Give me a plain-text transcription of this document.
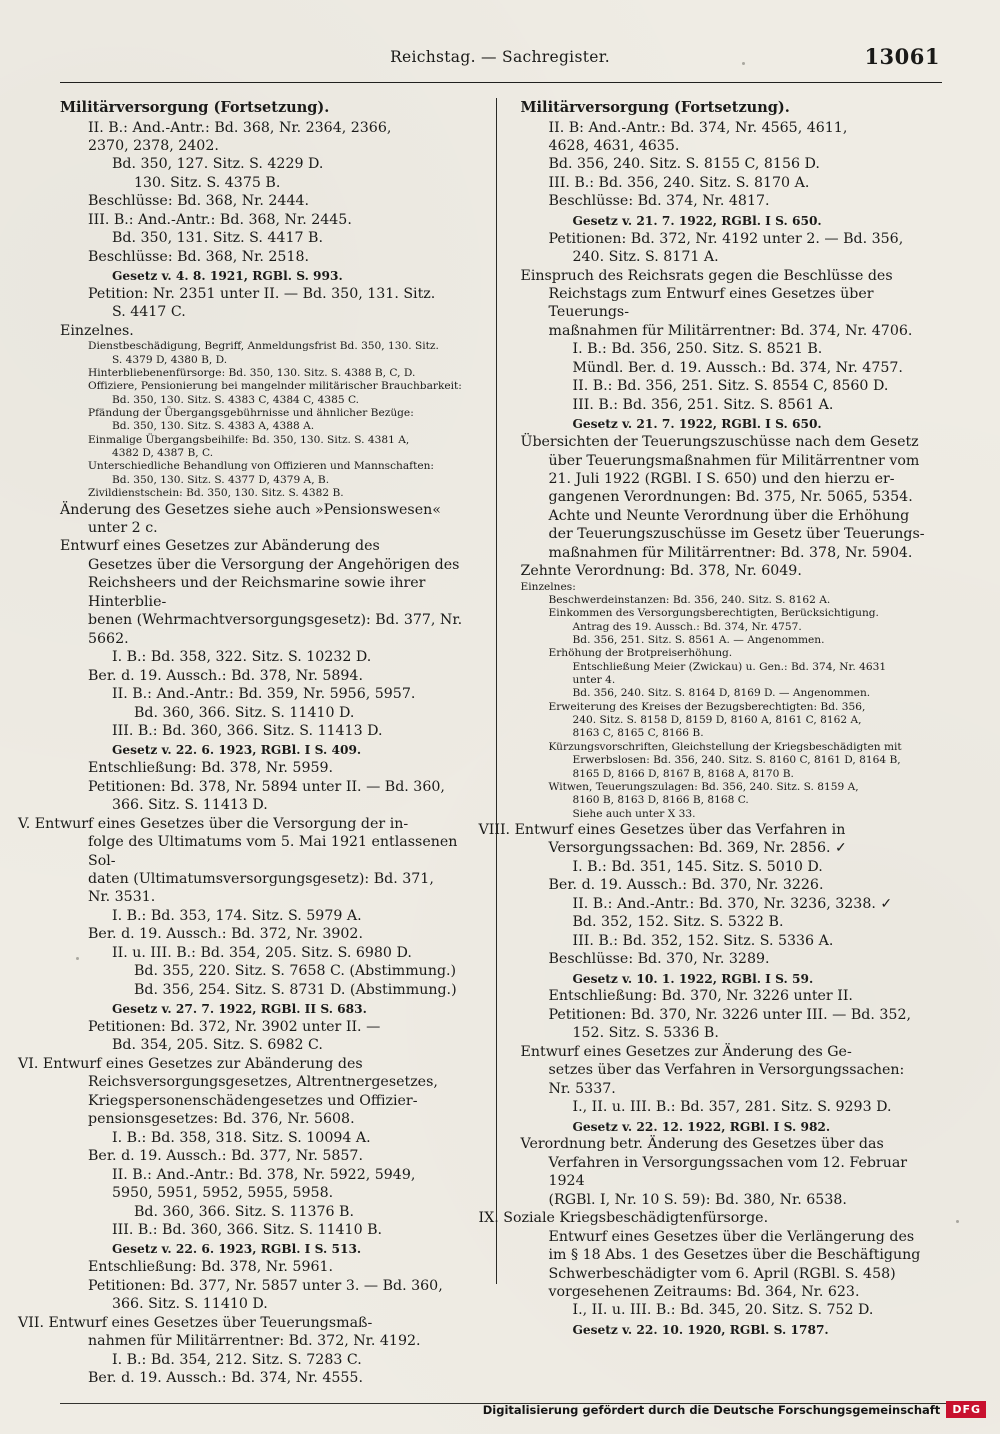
Reichstag. — Sachregister.	13061
Militärversorgung (Fortsetzung).
II. B.: And.-Antr.: Bd. 368, Nr. 2364, 2366,
2370, 2378, 2402.
Bd. 350, 127. Sitz. S. 4229 D.
130. Sitz. S. 4375 B.
Beschlüsse: Bd. 368, Nr. 2444.
III. B.: And.-Antr.: Bd. 368, Nr. 2445.
Bd. 350, 131. Sitz. S. 4417 B.
Beschlüsse: Bd. 368, Nr. 2518.
Gesetz v. 4. 8. 1921, RGBl. S. 993.
Petition: Nr. 2351 unter II. — Bd. 350, 131. Sitz.
S. 4417 C.
Einzelnes.
Dienstbeschädigung, Begriff, Anmeldungsfrist Bd. 350, 130. Sitz.
S. 4379 D, 4380 B, D.
Hinterbliebenenfürsorge: Bd. 350, 130. Sitz. S. 4388 B, C, D.
Offiziere, Pensionierung bei mangelnder militärischer Brauchbarkeit:
Bd. 350, 130. Sitz. S. 4383 C, 4384 C, 4385 C.
Pfändung der Übergangsgebührnisse und ähnlicher Bezüge:
Bd. 350, 130. Sitz. S. 4383 A, 4388 A.
Einmalige Übergangsbeihilfe: Bd. 350, 130. Sitz. S. 4381 A,
4382 D, 4387 B, C.
Unterschiedliche Behandlung von Offizieren und Mannschaften:
Bd. 350, 130. Sitz. S. 4377 D, 4379 A, B.
Zivildienstschein: Bd. 350, 130. Sitz. S. 4382 B.
Änderung des Gesetzes siehe auch »Pensionswesen«
unter 2 c.
Entwurf eines Gesetzes zur Abänderung des
Gesetzes über die Versorgung der Angehörigen des
Reichsheers und der Reichsmarine sowie ihrer Hinterblie-
benen (Wehrmachtversorgungsgesetz): Bd. 377, Nr. 5662.
I. B.: Bd. 358, 322. Sitz. S. 10232 D.
Ber. d. 19. Aussch.: Bd. 378, Nr. 5894.
II. B.: And.-Antr.: Bd. 359, Nr. 5956, 5957.
Bd. 360, 366. Sitz. S. 11410 D.
III. B.: Bd. 360, 366. Sitz. S. 11413 D.
Gesetz v. 22. 6. 1923, RGBl. I S. 409.
Entschließung: Bd. 378, Nr. 5959.
Petitionen: Bd. 378, Nr. 5894 unter II. — Bd. 360,
366. Sitz. S. 11413 D.
V. Entwurf eines Gesetzes über die Versorgung der in-
folge des Ultimatums vom 5. Mai 1921 entlassenen Sol-
daten (Ultimatumsversorgungsgesetz): Bd. 371,
Nr. 3531.
I. B.: Bd. 353, 174. Sitz. S. 5979 A.
Ber. d. 19. Aussch.: Bd. 372, Nr. 3902.
II. u. III. B.: Bd. 354, 205. Sitz. S. 6980 D.
Bd. 355, 220. Sitz. S. 7658 C. (Abstimmung.)
Bd. 356, 254. Sitz. S. 8731 D. (Abstimmung.)
Gesetz v. 27. 7. 1922, RGBl. II S. 683.
Petitionen: Bd. 372, Nr. 3902 unter II. —
Bd. 354, 205. Sitz. S. 6982 C.
VI. Entwurf eines Gesetzes zur Abänderung des
Reichsversorgungsgesetzes, Altrentnergesetzes,
Kriegspersonenschädengesetzes und Offizier-
pensionsgesetzes: Bd. 376, Nr. 5608.
I. B.: Bd. 358, 318. Sitz. S. 10094 A.
Ber. d. 19. Aussch.: Bd. 377, Nr. 5857.
II. B.: And.-Antr.: Bd. 378, Nr. 5922, 5949,
5950, 5951, 5952, 5955, 5958.
Bd. 360, 366. Sitz. S. 11376 B.
III. B.: Bd. 360, 366. Sitz. S. 11410 B.
Gesetz v. 22. 6. 1923, RGBl. I S. 513.
Entschließung: Bd. 378, Nr. 5961.
Petitionen: Bd. 377, Nr. 5857 unter 3. — Bd. 360,
366. Sitz. S. 11410 D.
VII. Entwurf eines Gesetzes über Teuerungsmaß-
nahmen für Militärrentner: Bd. 372, Nr. 4192.
I. B.: Bd. 354, 212. Sitz. S. 7283 C.
Ber. d. 19. Aussch.: Bd. 374, Nr. 4555.
Militärversorgung (Fortsetzung).
II. B: And.-Antr.: Bd. 374, Nr. 4565, 4611,
4628, 4631, 4635.
Bd. 356, 240. Sitz. S. 8155 C, 8156 D.
III. B.: Bd. 356, 240. Sitz. S. 8170 A.
Beschlüsse: Bd. 374, Nr. 4817.
Gesetz v. 21. 7. 1922, RGBl. I S. 650.
Petitionen: Bd. 372, Nr. 4192 unter 2. — Bd. 356,
240. Sitz. S. 8171 A.
Einspruch des Reichsrats gegen die Beschlüsse des
Reichstags zum Entwurf eines Gesetzes über Teuerungs-
maßnahmen für Militärrentner: Bd. 374, Nr. 4706.
I. B.: Bd. 356, 250. Sitz. S. 8521 B.
Mündl. Ber. d. 19. Aussch.: Bd. 374, Nr. 4757.
II. B.: Bd. 356, 251. Sitz. S. 8554 C, 8560 D.
III. B.: Bd. 356, 251. Sitz. S. 8561 A.
Gesetz v. 21. 7. 1922, RGBl. I S. 650.
Übersichten der Teuerungszuschüsse nach dem Gesetz
über Teuerungsmaßnahmen für Militärrentner vom
21. Juli 1922 (RGBl. I S. 650) und den hierzu er-
gangenen Verordnungen: Bd. 375, Nr. 5065, 5354.
Achte und Neunte Verordnung über die Erhöhung
der Teuerungszuschüsse im Gesetz über Teuerungs-
maßnahmen für Militärrentner: Bd. 378, Nr. 5904.
Zehnte Verordnung: Bd. 378, Nr. 6049.
Einzelnes:
Beschwerdeinstanzen: Bd. 356, 240. Sitz. S. 8162 A.
Einkommen des Versorgungsberechtigten, Berücksichtigung.
Antrag des 19. Aussch.: Bd. 374, Nr. 4757.
Bd. 356, 251. Sitz. S. 8561 A. — Angenommen.
Erhöhung der Brotpreiserhöhung.
Entschließung Meier (Zwickau) u. Gen.: Bd. 374, Nr. 4631
unter 4.
Bd. 356, 240. Sitz. S. 8164 D, 8169 D. — Angenommen.
Erweiterung des Kreises der Bezugsberechtigten: Bd. 356,
240. Sitz. S. 8158 D, 8159 D, 8160 A, 8161 C, 8162 A,
8163 C, 8165 C, 8166 B.
Kürzungsvorschriften, Gleichstellung der Kriegsbeschädigten mit
Erwerbslosen: Bd. 356, 240. Sitz. S. 8160 C, 8161 D, 8164 B,
8165 D, 8166 D, 8167 B, 8168 A, 8170 B.
Witwen, Teuerungszulagen: Bd. 356, 240. Sitz. S. 8159 A,
8160 B, 8163 D, 8166 B, 8168 C.
Siehe auch unter X 33.
VIII. Entwurf eines Gesetzes über das Verfahren in
Versorgungssachen: Bd. 369, Nr. 2856. ✓
I. B.: Bd. 351, 145. Sitz. S. 5010 D.
Ber. d. 19. Aussch.: Bd. 370, Nr. 3226.
II. B.: And.-Antr.: Bd. 370, Nr. 3236, 3238. ✓
Bd. 352, 152. Sitz. S. 5322 B.
III. B.: Bd. 352, 152. Sitz. S. 5336 A.
Beschlüsse: Bd. 370, Nr. 3289.
Gesetz v. 10. 1. 1922, RGBl. I S. 59.
Entschließung: Bd. 370, Nr. 3226 unter II.
Petitionen: Bd. 370, Nr. 3226 unter III. — Bd. 352,
152. Sitz. S. 5336 B.
Entwurf eines Gesetzes zur Änderung des Ge-
setzes über das Verfahren in Versorgungssachen:
Nr. 5337.
I., II. u. III. B.: Bd. 357, 281. Sitz. S. 9293 D.
Gesetz v. 22. 12. 1922, RGBl. I S. 982.
Verordnung betr. Änderung des Gesetzes über das
Verfahren in Versorgungssachen vom 12. Februar 1924
(RGBl. I, Nr. 10 S. 59): Bd. 380, Nr. 6538.
IX. Soziale Kriegsbeschädigtenfürsorge.
Entwurf eines Gesetzes über die Verlängerung des
im § 18 Abs. 1 des Gesetzes über die Beschäftigung
Schwerbeschädigter vom 6. April (RGBl. S. 458)
vorgesehenen Zeitraums: Bd. 364, Nr. 623.
I., II. u. III. B.: Bd. 345, 20. Sitz. S. 752 D.
Gesetz v. 22. 10. 1920, RGBl. S. 1787.
Digitalisierung gefördert durch die Deutsche Forschungsgemeinschaft	DFG
